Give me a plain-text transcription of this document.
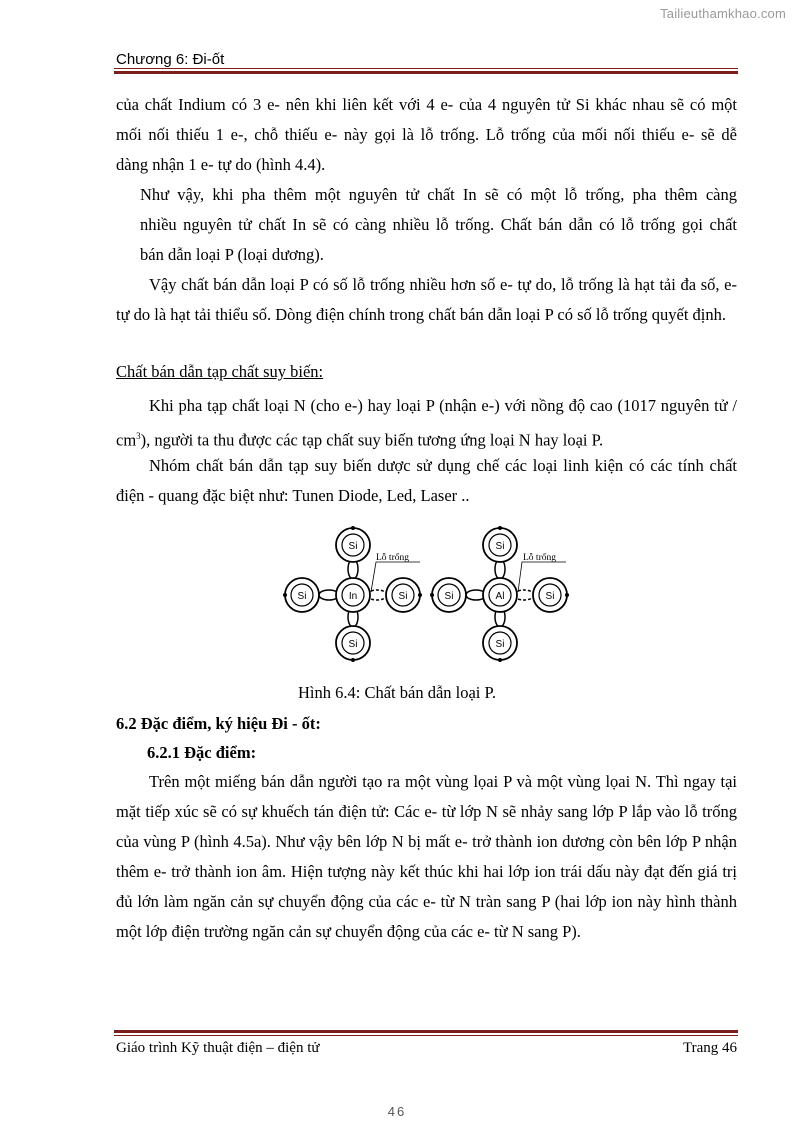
Tailieuthamkhao.com
Chương 6: Đi-ốt

của chất Indium có 3 e- nên khi liên kết với 4 e- của 4 nguyên tử Si khác nhau sẽ có một

mối nối thiếu 1 e-, chỗ thiếu e- này gọi là lỗ trống. Lỗ trống của mối nối thiếu e- sẽ dễ

dàng nhận 1 e- tự do (hình 4.4).

Như vậy, khi pha thêm một nguyên tử chất In sẽ có một lỗ trống, pha thêm càng

nhiều nguyên tử chất In sẽ có càng nhiều lỗ trống. Chất bán dẫn có lỗ trống gọi chất

bán dẫn loại P (loại dương).

Vậy chất bán dẫn loại P có số lỗ trống nhiều hơn số e- tự do, lỗ trống là hạt tải đa số, e- tự do là hạt tải thiểu số. Dòng điện chính trong chất bán dẫn loại P có số lỗ trống quyết định.

Chất bán dẫn tạp chất suy biến:

Khi pha tạp chất loại N (cho e-) hay loại P (nhận e-) với nồng độ cao (1017 nguyên tử / $cm^3$), người ta thu được các tạp chất suy biến tương ứng loại N hay loại P.

Nhóm chất bán dẫn tạp suy biến dược sử dụng chế các loại linh kiện có các tính chất điện - quang đặc biệt như: Tunen Diode, Led, Laser ..

Lỗ trống
Si
Si
Si	Si
In
Lỗ trống
Si
Si
Si	Si
Al
Hình 6.4: Chất bán dẫn loại P.
6.2 Đặc điểm, ký hiệu Đi - ốt:
6.2.1 Đặc điểm:

Trên một miếng bán dẫn người tạo ra một vùng lọai P và một vùng lọai N. Thì ngay tại mặt tiếp xúc sẽ có sự khuếch tán điện tử: Các e- từ lớp N sẽ nhảy sang lớp P lắp vào lỗ trống của vùng P (hình 4.5a). Như vậy bên lớp N bị mất e- trở thành ion dương còn bên lớp P nhận thêm e- trở thành ion âm. Hiện tượng này kết thúc khi hai lớp ion trái dấu này đạt đến giá trị đủ lớn làm ngăn cản sự chuyển động của các e- từ N tràn sang P (hai lớp ion này hình thành một lớp điện trường ngăn cản sự chuyển động của các e- từ N sang P).

Giáo trình Kỹ thuật điện – điện tử	Trang 46
46
